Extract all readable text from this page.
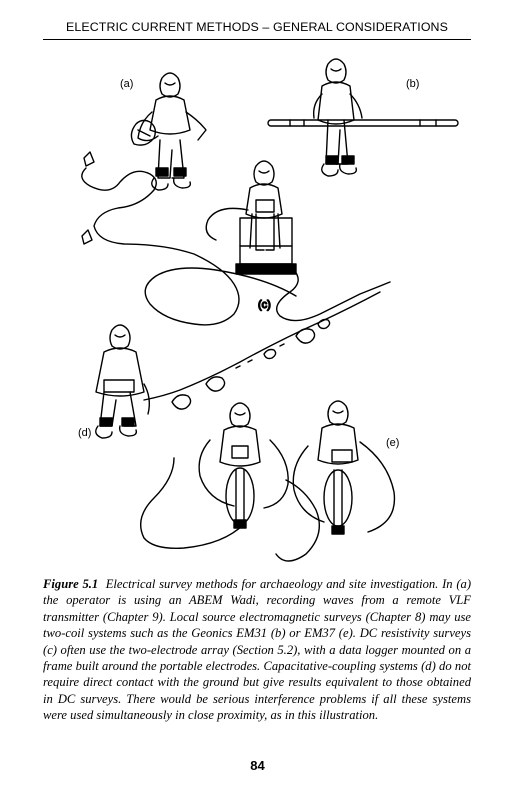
ELECTRIC CURRENT METHODS – GENERAL CONSIDERATIONS
(c)
(a)	(b)
(d)
(e)
Figure 5.1 Electrical survey methods for archaeology and site investigation. In (a) the operator is using an ABEM Wadi, recording waves from a remote VLF transmitter (Chapter 9). Local source electromagnetic surveys (Chapter 8) may use two-coil systems such as the Geonics EM31 (b) or EM37 (e). DC resistivity surveys (c) often use the two-electrode array (Section 5.2), with a data logger mounted on a frame built around the portable electrodes. Capacitative-coupling systems (d) do not require direct contact with the ground but give results equivalent to those obtained in DC surveys. There would be serious interference problems if all these systems were used simultaneously in close proximity, as in this illustration.
84
